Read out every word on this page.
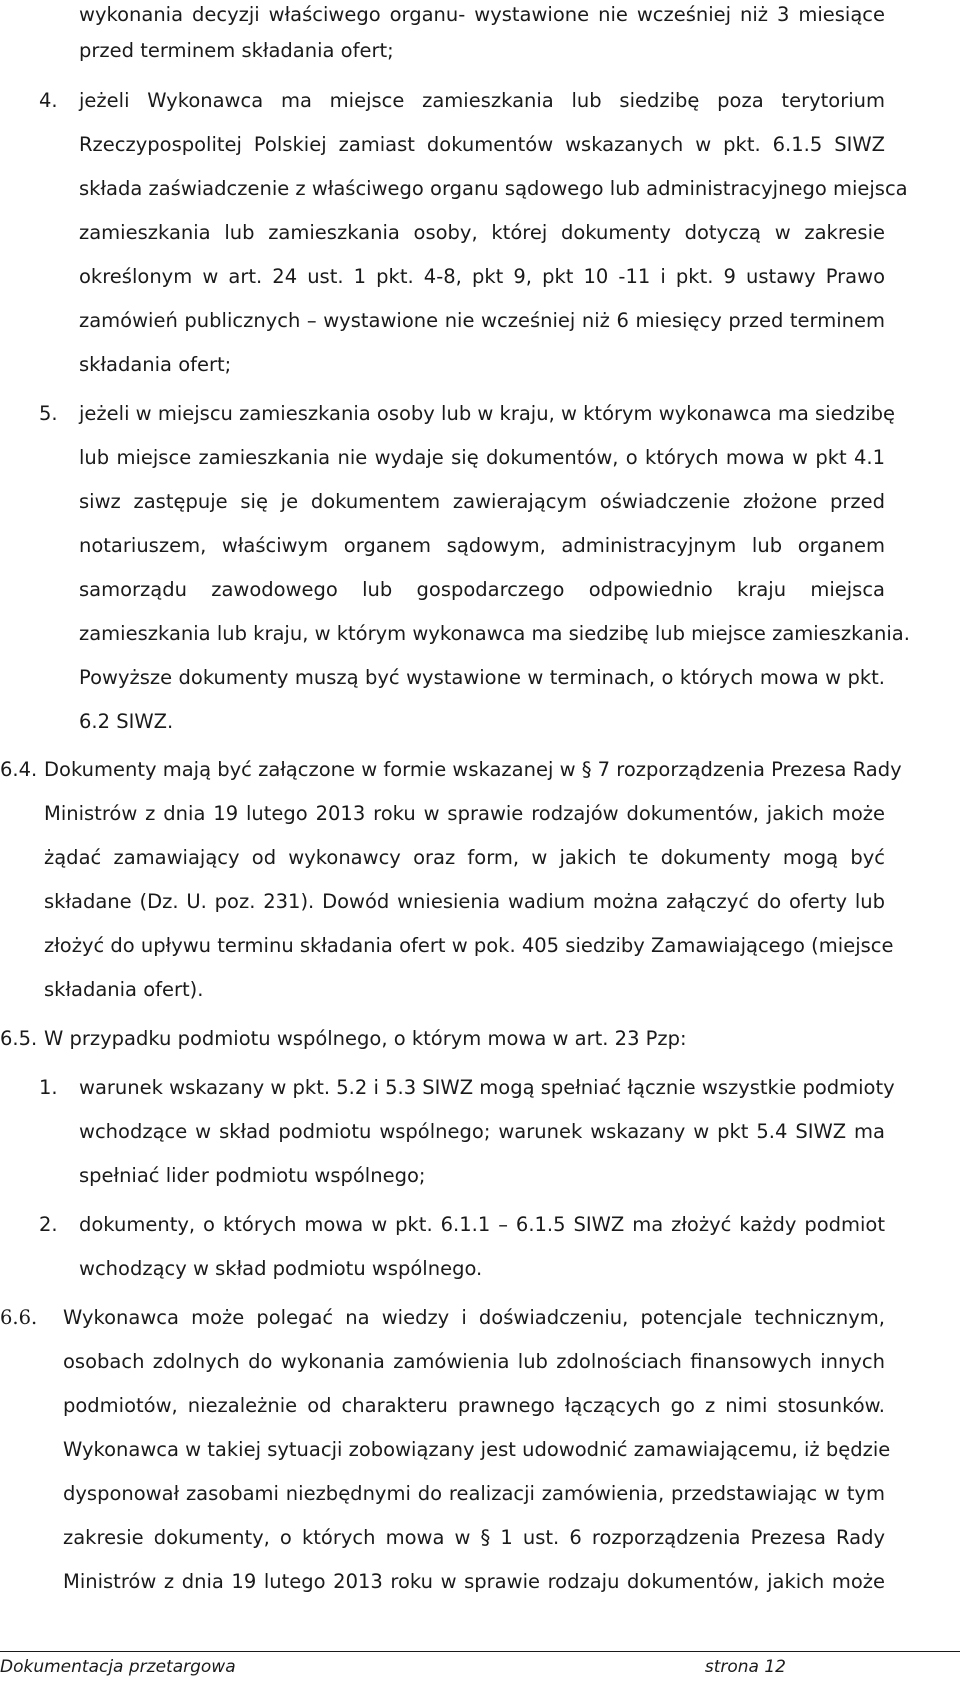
wykonania decyzji właściwego organu- wystawione nie wcześniej niż 3 miesiące
przed terminem składania ofert;
4. jeżeli Wykonawca ma miejsce zamieszkania lub siedzibę poza terytorium
Rzeczypospolitej Polskiej zamiast dokumentów wskazanych w pkt. 6.1.5 SIWZ
składa zaświadczenie z właściwego organu sądowego lub administracyjnego miejsca
zamieszkania lub zamieszkania osoby, której dokumenty dotyczą w zakresie
określonym w art. 24 ust. 1 pkt. 4-8, pkt 9, pkt 10 -11 i pkt. 9 ustawy Prawo
zamówień publicznych – wystawione nie wcześniej niż 6 miesięcy przed terminem
składania ofert;
5. jeżeli w miejscu zamieszkania osoby lub w kraju, w którym wykonawca ma siedzibę
lub miejsce zamieszkania nie wydaje się dokumentów, o których mowa w pkt 4.1
siwz zastępuje się je dokumentem zawierającym oświadczenie złożone przed
notariuszem, właściwym organem sądowym, administracyjnym lub organem
samorządu zawodowego lub gospodarczego odpowiednio kraju miejsca
zamieszkania lub kraju, w którym wykonawca ma siedzibę lub miejsce zamieszkania.
Powyższe dokumenty muszą być wystawione w terminach, o których mowa w pkt.
6.2 SIWZ.
6.4. Dokumenty mają być załączone w formie wskazanej w § 7 rozporządzenia Prezesa Rady
Ministrów z dnia 19 lutego 2013 roku w sprawie rodzajów dokumentów, jakich może
żądać zamawiający od wykonawcy oraz form, w jakich te dokumenty mogą być
składane (Dz. U. poz. 231). Dowód wniesienia wadium można załączyć do oferty lub
złożyć do upływu terminu składania ofert w pok. 405 siedziby Zamawiającego (miejsce
składania ofert).
6.5. W przypadku podmiotu wspólnego, o którym mowa w art. 23 Pzp:
1. warunek wskazany w pkt. 5.2 i 5.3 SIWZ mogą spełniać łącznie wszystkie podmioty
wchodzące w skład podmiotu wspólnego; warunek wskazany w pkt 5.4 SIWZ ma
spełniać lider podmiotu wspólnego;
2. dokumenty, o których mowa w pkt. 6.1.1 – 6.1.5 SIWZ ma złożyć każdy podmiot
wchodzący w skład podmiotu wspólnego.
6.6. Wykonawca może polegać na wiedzy i doświadczeniu, potencjale technicznym,
osobach zdolnych do wykonania zamówienia lub zdolnościach finansowych innych
podmiotów, niezależnie od charakteru prawnego łączących go z nimi stosunków.
Wykonawca w takiej sytuacji zobowiązany jest udowodnić zamawiającemu, iż będzie
dysponował zasobami niezbędnymi do realizacji zamówienia, przedstawiając w tym
zakresie dokumenty, o których mowa w § 1 ust. 6 rozporządzenia Prezesa Rady
Ministrów z dnia 19 lutego 2013 roku w sprawie rodzaju dokumentów, jakich może
Dokumentacja przetargowa	strona 12
